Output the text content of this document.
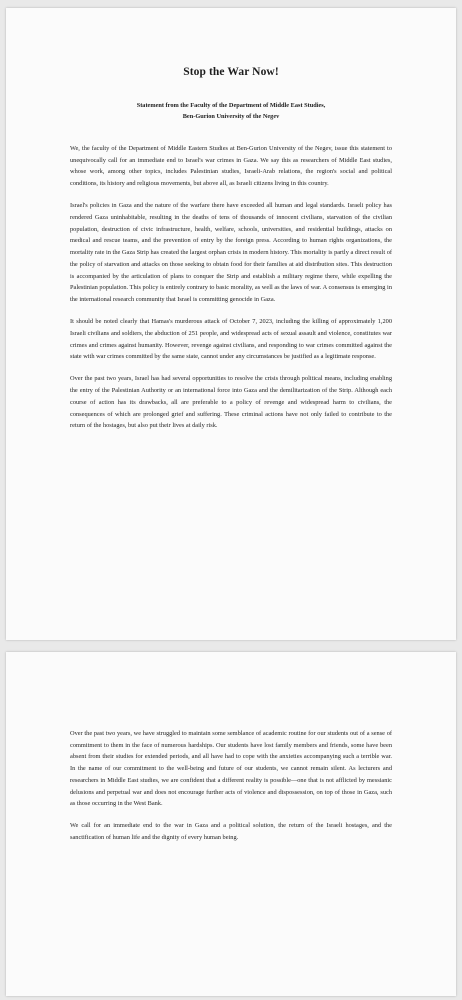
Stop the War Now!
Statement from the Faculty of the Department of Middle East Studies,
Ben-Gurion University of the Negev

We, the faculty of the Department of Middle Eastern Studies at Ben-Gurion University of the Negev, issue this statement to unequivocally call for an immediate end to Israel's war crimes in Gaza. We say this as researchers of Middle East studies, whose work, among other topics, includes Palestinian studies, Israeli-Arab relations, the region's social and political conditions, its history and religious movements, but above all, as Israeli citizens living in this country.

Israel's policies in Gaza and the nature of the warfare there have exceeded all human and legal standards. Israeli policy has rendered Gaza uninhabitable, resulting in the deaths of tens of thousands of innocent civilians, starvation of the civilian population, destruction of civic infrastructure, health, welfare, schools, universities, and residential buildings, attacks on medical and rescue teams, and the prevention of entry by the foreign press. According to human rights organizations, the mortality rate in the Gaza Strip has created the largest orphan crisis in modern history. This mortality is partly a direct result of the policy of starvation and attacks on those seeking to obtain food for their families at aid distribution sites. This destruction is accompanied by the articulation of plans to conquer the Strip and establish a military regime there, while expelling the Palestinian population. This policy is entirely contrary to basic morality, as well as the laws of war. A consensus is emerging in the international research community that Israel is committing genocide in Gaza.

It should be noted clearly that Hamas's murderous attack of October 7, 2023, including the killing of approximately 1,200 Israeli civilians and soldiers, the abduction of 251 people, and widespread acts of sexual assault and violence, constitutes war crimes and crimes against humanity. However, revenge against civilians, and responding to war crimes committed against the state with war crimes committed by the same state, cannot under any circumstances be justified as a legitimate response.

Over the past two years, Israel has had several opportunities to resolve the crisis through political means, including enabling the entry of the Palestinian Authority or an international force into Gaza and the demilitarization of the Strip. Although each course of action has its drawbacks, all are preferable to a policy of revenge and widespread harm to civilians, the consequences of which are prolonged grief and suffering. These criminal actions have not only failed to contribute to the return of the hostages, but also put their lives at daily risk.

Over the past two years, we have struggled to maintain some semblance of academic routine for our students out of a sense of commitment to them in the face of numerous hardships. Our students have lost family members and friends, some have been absent from their studies for extended periods, and all have had to cope with the anxieties accompanying such a terrible war. In the name of our commitment to the well-being and future of our students, we cannot remain silent. As lecturers and researchers in Middle East studies, we are confident that a different reality is possible—one that is not afflicted by messianic delusions and perpetual war and does not encourage further acts of violence and dispossession, on top of those in Gaza, such as those occurring in the West Bank.

We call for an immediate end to the war in Gaza and a political solution, the return of the Israeli hostages, and the sanctification of human life and the dignity of every human being.
